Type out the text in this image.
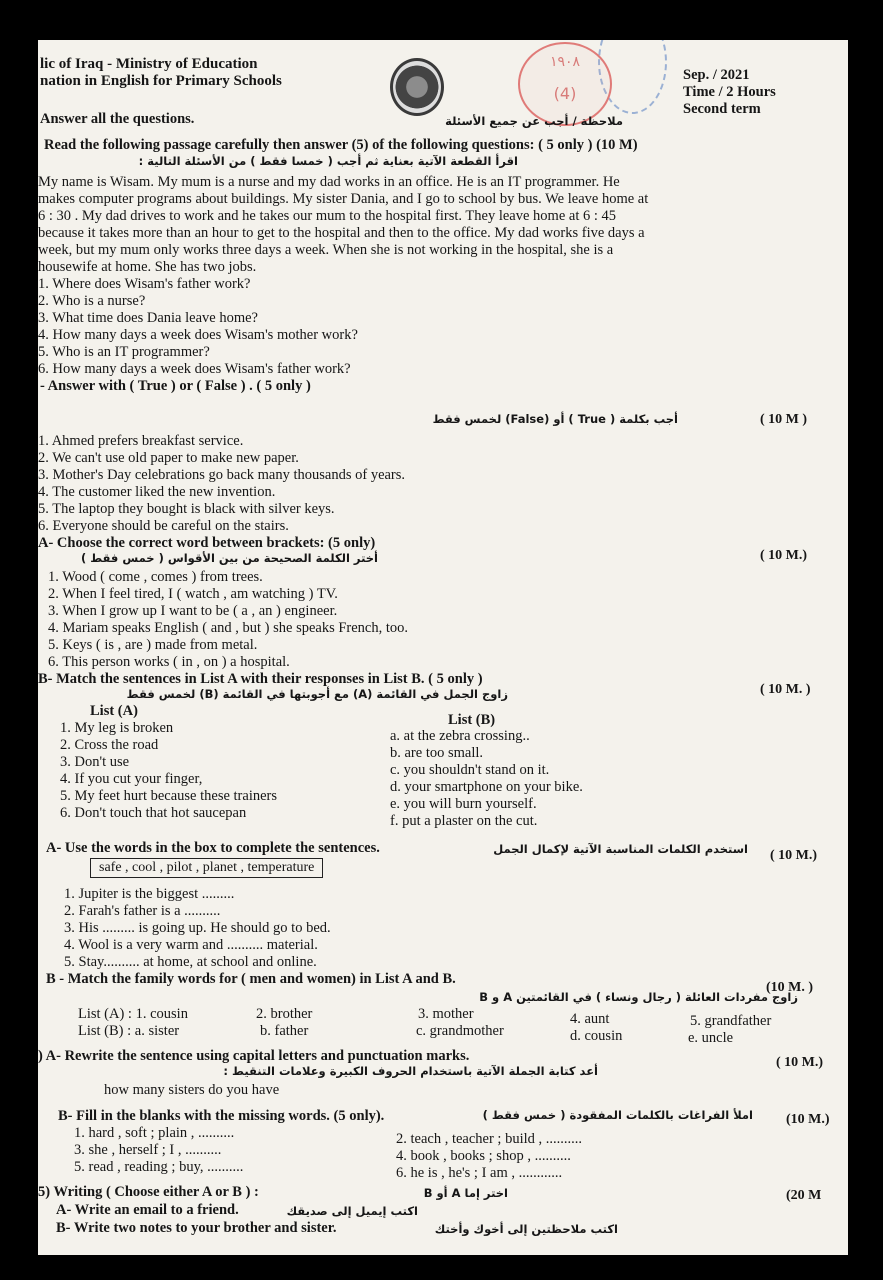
lic of Iraq - Ministry of Education
nation in English for Primary Schools
١٩٠٨
(4)
Sep. / 2021
Time / 2 Hours
Second term
Answer all the questions.	ملاحظة / أجب عن جميع الأسئلة
Read the following passage carefully then answer (5) of the following questions: ( 5 only ) (10 M)
اقرأ القطعة الآتية بعناية ثم أجب ( خمسا فقط ) من الأسئلة التالية :
My name is Wisam. My mum is a nurse and my dad works in an office. He is an IT programmer. He
makes computer programs about buildings. My sister Dania, and I go to school by bus. We leave home at
6 : 30 . My dad drives to work and he takes our mum to the hospital first. They leave home at 6 : 45
because it takes more than an hour to get to the hospital and then to the office. My dad works five days a
week, but my mum only works three days a week. When she is not working in the hospital, she is a
housewife at home. She has two jobs.
1. Where does Wisam's father work?
2. Who is a nurse?
3. What time does Dania leave home?
4. How many days a week does Wisam's mother work?
5. Who is an IT programmer?
6. How many days a week does Wisam's father work?
- Answer with ( True ) or ( False ) . ( 5 only )
( 10 M )
أجب بكلمة ( True ) أو (False) لخمس فقط
1. Ahmed prefers breakfast service.
2. We can't use old paper to make new paper.
3. Mother's Day celebrations go back many thousands of years.
4. The customer liked the new invention.
5. The laptop they bought is black with silver keys.
6. Everyone should be careful on the stairs.
A- Choose the correct word between brackets: (5 only)
( 10 M.)
أختر الكلمة الصحيحة من بين الأقواس ( خمس فقط )
1. Wood ( come , comes ) from trees.
2. When I feel tired, I ( watch , am watching ) TV.
3. When I grow up I want to be ( a , an ) engineer.
4. Mariam speaks English ( and , but ) she speaks French, too.
5. Keys ( is , are ) made from metal.
6. This person works ( in , on ) a hospital.
B- Match the sentences in List A with their responses in List B. ( 5 only )
( 10 M. )
زاوج الجمل في القائمة (A) مع أجوبتها في القائمة (B) لخمس فقط
List (A)
List (B)
1. My leg is broken
2. Cross the road
3. Don't use
4. If you cut your finger,
5. My feet hurt because these trainers
6. Don't touch that hot saucepan
a. at the zebra crossing..
b. are too small.
c. you shouldn't stand on it.
d. your smartphone on your bike.
e. you will burn yourself.
f. put a plaster on the cut.
A- Use the words in the box to complete the sentences.	استخدم الكلمات المناسبة الآتية لإكمال الجمل ( 10 M.)
safe , cool , pilot , planet , temperature
1. Jupiter is the biggest .........
2. Farah's father is a ..........
3. His ......... is going up. He should go to bed.
4. Wool is a very warm and .......... material.
5. Stay.......... at home, at school and online.
B - Match the family words for ( men and women) in List A and B.
(10 M. )
زاوج مفردات العائلة ( رجال ونساء ) في القائمتين A و B
List (A) : 1. cousin	2. brother	3. mother	4. aunt	5. grandfather
List (B) : a. sister	b. father	c. grandmother	d. cousin	e. uncle
) A- Rewrite the sentence using capital letters and punctuation marks.	( 10 M.)
أعد كتابة الجملة الآتية باستخدام الحروف الكبيرة وعلامات التنقيط :
how many sisters do you have
B- Fill in the blanks with the missing words. (5 only).	املأ الفراغات بالكلمات المفقودة ( خمس فقط ) (10 M.)
1. hard , soft ; plain , ..........
3. she , herself ; I , ..........
5. read , reading ; buy, ..........
2. teach , teacher ; build , ..........
4. book , books ; shop , ..........
6. he is , he's ; I am , ............
5) Writing ( Choose either A or B ) :	اختر إما A أو B	(20 M
A- Write an email to a friend.	اكتب إيميل إلى صديقك
B- Write two notes to your brother and sister.	اكتب ملاحظتين إلى أخوك وأختك
